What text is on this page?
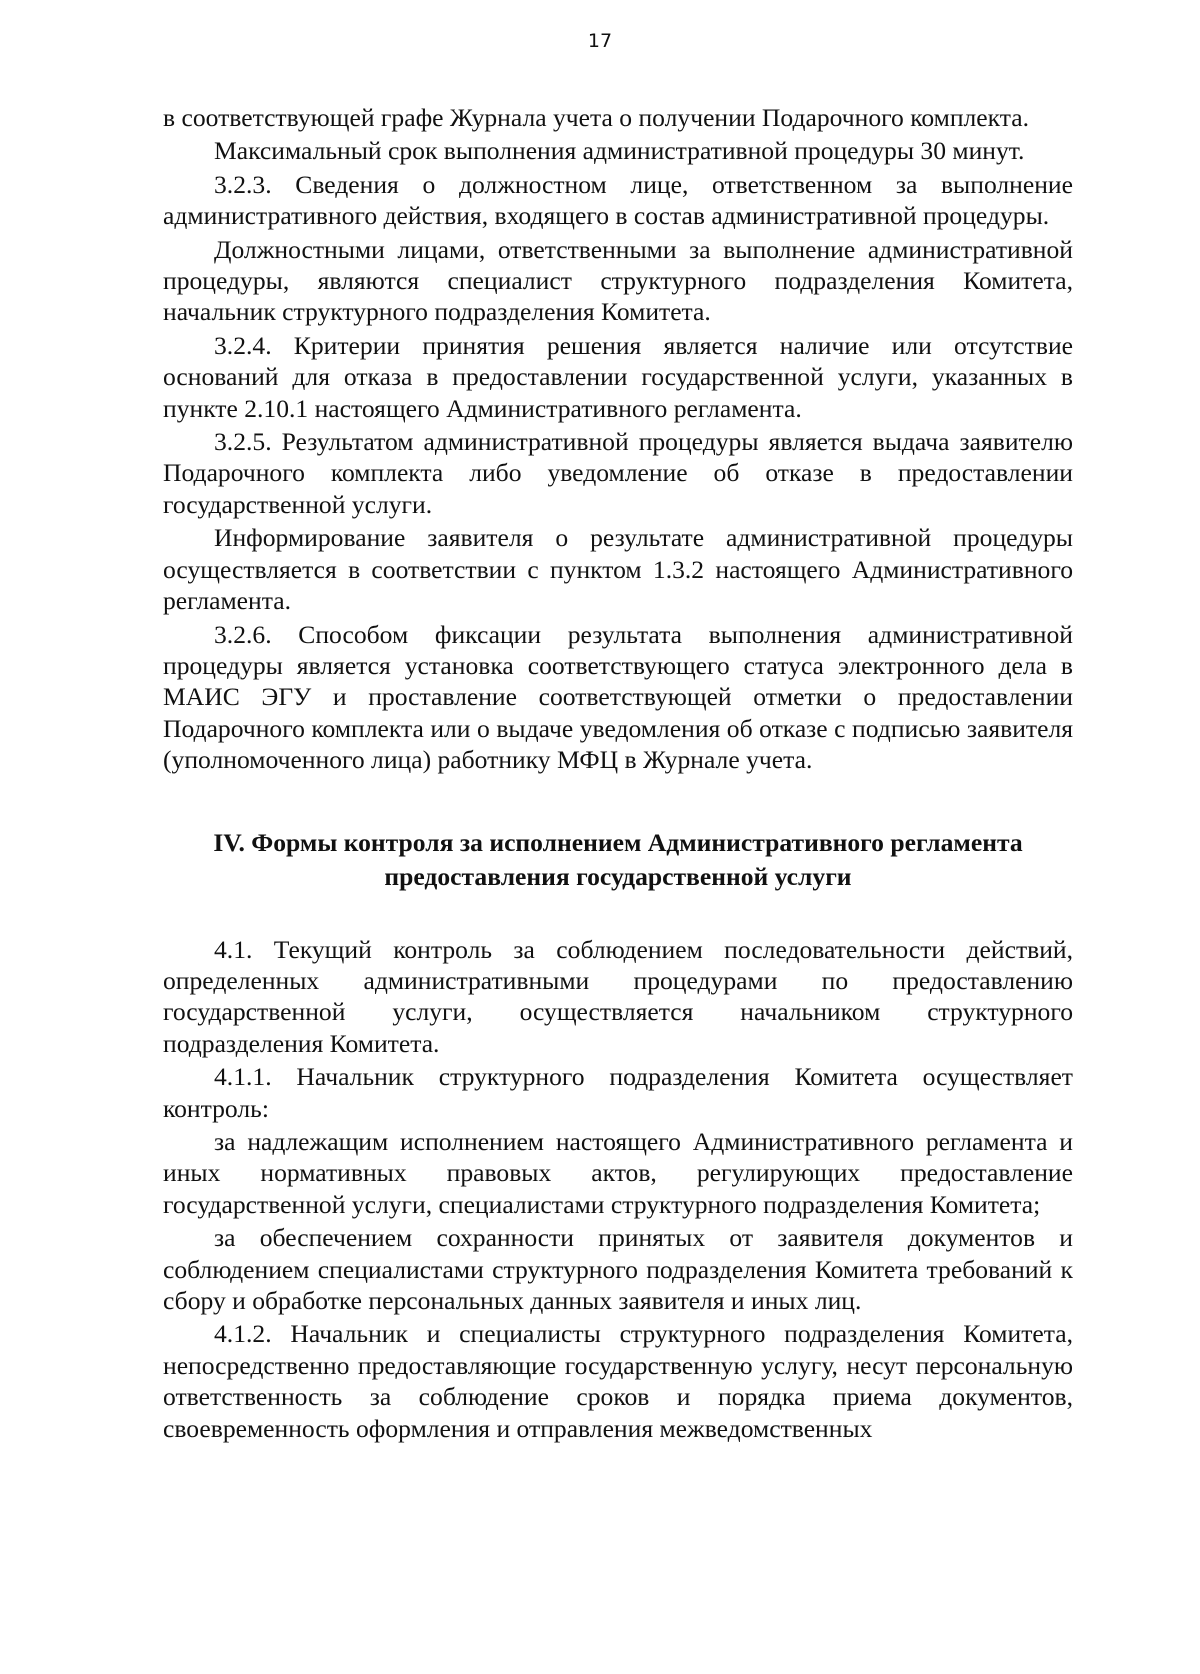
17

в соответствующей графе Журнала учета о получении Подарочного комплекта.

Максимальный срок выполнения административной процедуры 30 минут.

3.2.3. Сведения о должностном лице, ответственном за выполнение административного действия, входящего в состав административной процедуры.

Должностными лицами, ответственными за выполнение административной процедуры, являются специалист структурного подразделения Комитета, начальник структурного подразделения Комитета.

3.2.4. Критерии принятия решения является наличие или отсутствие оснований для отказа в предоставлении государственной услуги, указанных в пункте 2.10.1 настоящего Административного регламента.

3.2.5. Результатом административной процедуры является выдача заявителю Подарочного комплекта либо уведомление об отказе в предоставлении государственной услуги.

Информирование заявителя о результате административной процедуры осуществляется в соответствии с пунктом 1.3.2 настоящего Административного регламента.

3.2.6. Способом фиксации результата выполнения административной процедуры является установка соответствующего статуса электронного дела в МАИС ЭГУ и проставление соответствующей отметки о предоставлении Подарочного комплекта или о выдаче уведомления об отказе с подписью заявителя (уполномоченного лица) работнику МФЦ в Журнале учета.

IV. Формы контроля за исполнением Административного регламента
предоставления государственной услуги

4.1. Текущий контроль за соблюдением последовательности действий, определенных административными процедурами по предоставлению государственной услуги, осуществляется начальником структурного подразделения Комитета.

4.1.1. Начальник структурного подразделения Комитета осуществляет контроль:

за надлежащим исполнением настоящего Административного регламента и иных нормативных правовых актов, регулирующих предоставление государственной услуги, специалистами структурного подразделения Комитета;

за обеспечением сохранности принятых от заявителя документов и соблюдением специалистами структурного подразделения Комитета требований к сбору и обработке персональных данных заявителя и иных лиц.

4.1.2. Начальник и специалисты структурного подразделения Комитета, непосредственно предоставляющие государственную услугу, несут персональную ответственность за соблюдение сроков и порядка приема документов, своевременность оформления и отправления межведомственных
